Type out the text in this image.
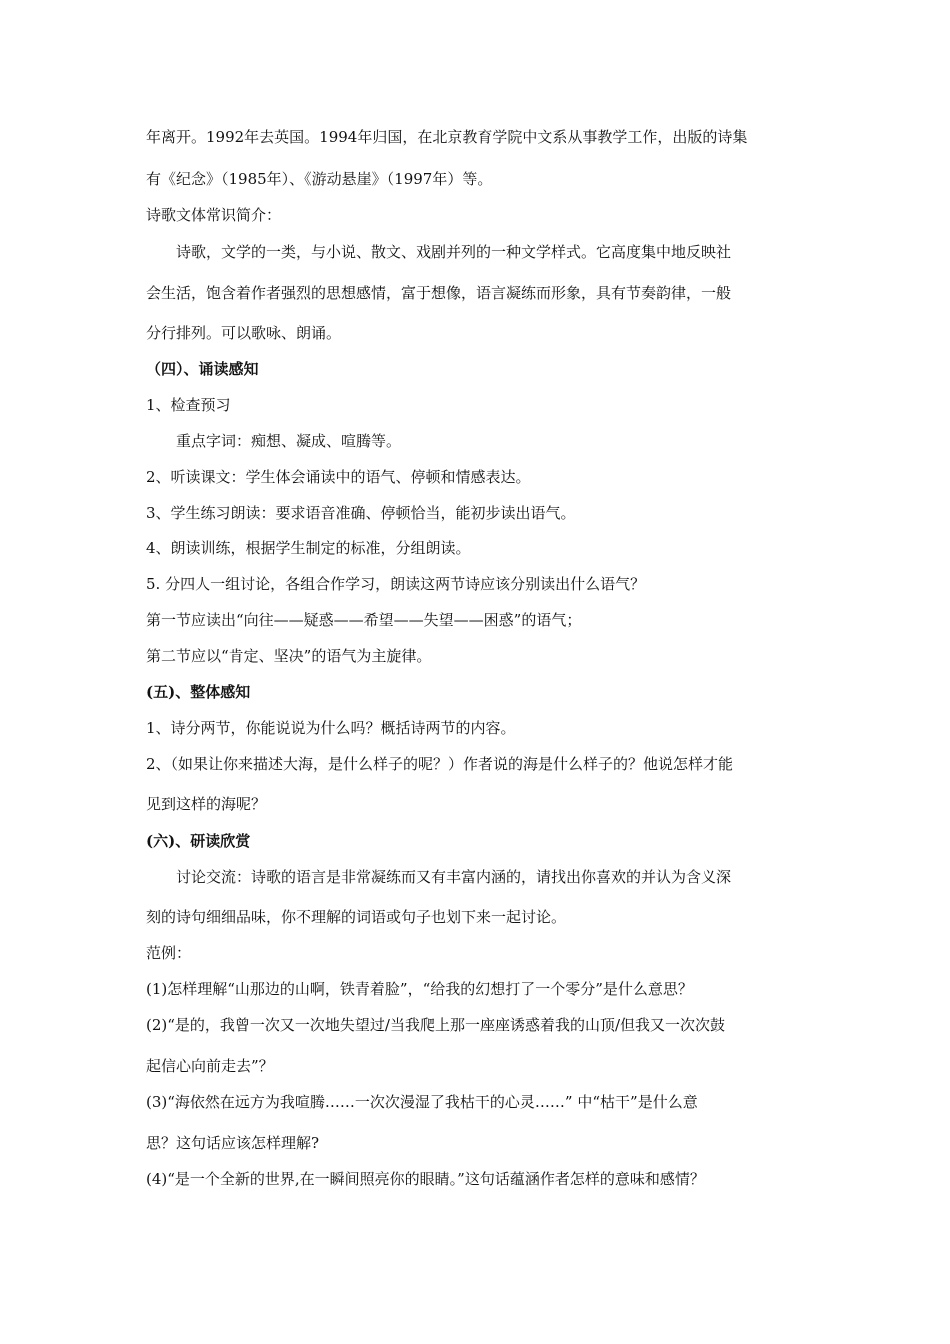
年离开。1992年去英国。1994年归国，在北京教育学院中文系从事教学工作，出版的诗集
有《纪念》（1985年）、《游动悬崖》（1997年）等。
诗歌文体常识简介：
诗歌，文学的一类，与小说、散文、戏剧并列的一种文学样式。它高度集中地反映社
会生活，饱含着作者强烈的思想感情，富于想像，语言凝练而形象，具有节奏韵律，一般
分行排列。可以歌咏、朗诵。
（四）、诵读感知
1、检查预习
重点字词：痴想、凝成、喧腾等。
2、听读课文：学生体会诵读中的语气、停顿和情感表达。
3、学生练习朗读：要求语音准确、停顿恰当，能初步读出语气。
4、朗读训练，根据学生制定的标准，分组朗读。
5. 分四人一组讨论，各组合作学习，朗读这两节诗应该分别读出什么语气？
第一节应读出“向往——疑惑——希望——失望——困惑”的语气；
第二节应以“肯定、坚决”的语气为主旋律。
(五)、整体感知
1、诗分两节，你能说说为什么吗？概括诗两节的内容。
2、（如果让你来描述大海，是什么样子的呢？）作者说的海是什么样子的？他说怎样才能
见到这样的海呢？
(六)、研读欣赏
讨论交流：诗歌的语言是非常凝练而又有丰富内涵的，请找出你喜欢的并认为含义深
刻的诗句细细品味，你不理解的词语或句子也划下来一起讨论。
范例：
(1)怎样理解“山那边的山啊，铁青着脸”，“给我的幻想打了一个零分”是什么意思？
(2)“是的，我曾一次又一次地失望过/当我爬上那一座座诱惑着我的山顶/但我又一次次鼓
起信心向前走去”？
(3)“海依然在远方为我喧腾……一次次漫湿了我枯干的心灵……” 中“枯干”是什么意
思？这句话应该怎样理解?
(4)“是一个全新的世界,在一瞬间照亮你的眼睛。”这句话蕴涵作者怎样的意味和感情？
